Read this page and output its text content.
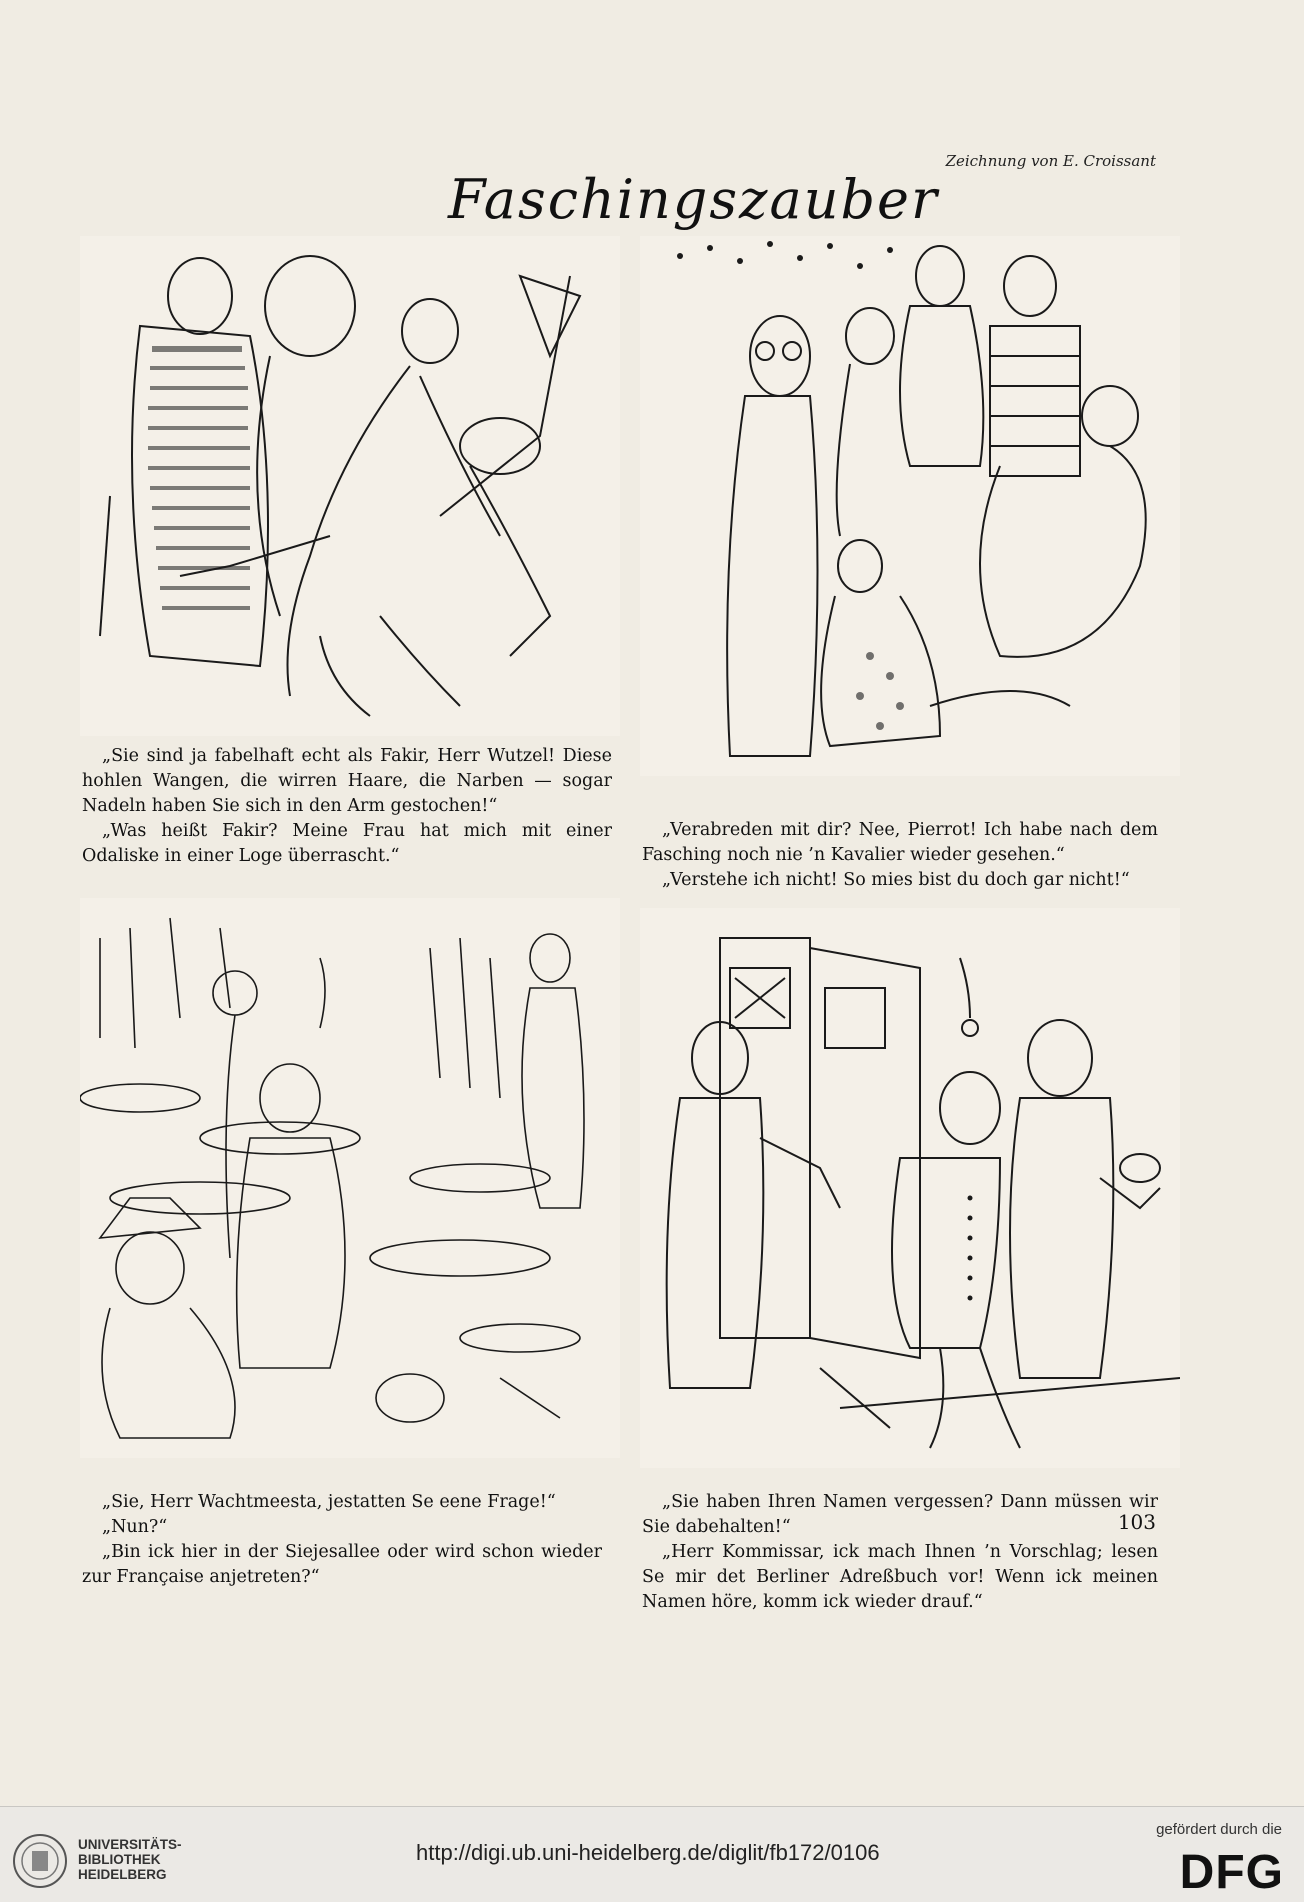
Zeichnung von E. Croissant
Faschingszauber

„Sie sind ja fabelhaft echt als Fakir, Herr Wutzel! Diese hohlen Wangen, die wirren Haare, die Narben — sogar Nadeln haben Sie sich in den Arm gestochen!“

„Was heißt Fakir? Meine Frau hat mich mit einer Odaliske in einer Loge überrascht.“

„Verabreden mit dir? Nee, Pierrot! Ich habe nach dem Fasching noch nie ’n Kavalier wieder gesehen.“

„Verstehe ich nicht! So mies bist du doch gar nicht!“

„Sie, Herr Wachtmeesta, jestatten Se eene Frage!“

„Nun?“

„Bin ick hier in der Siejesallee oder wird schon wieder zur Française anjetreten?“

„Sie haben Ihren Namen vergessen? Dann müssen wir Sie dabehalten!“

„Herr Kommissar, ick mach Ihnen ’n Vorschlag; lesen Se mir det Berliner Adreßbuch vor! Wenn ick meinen Namen höre, komm ick wieder drauf.“

103
UNIVERSITÄTS-
BIBLIOTHEK
HEIDELBERG
http://digi.ub.uni-heidelberg.de/diglit/fb172/0106
gefördert durch die
DFG
